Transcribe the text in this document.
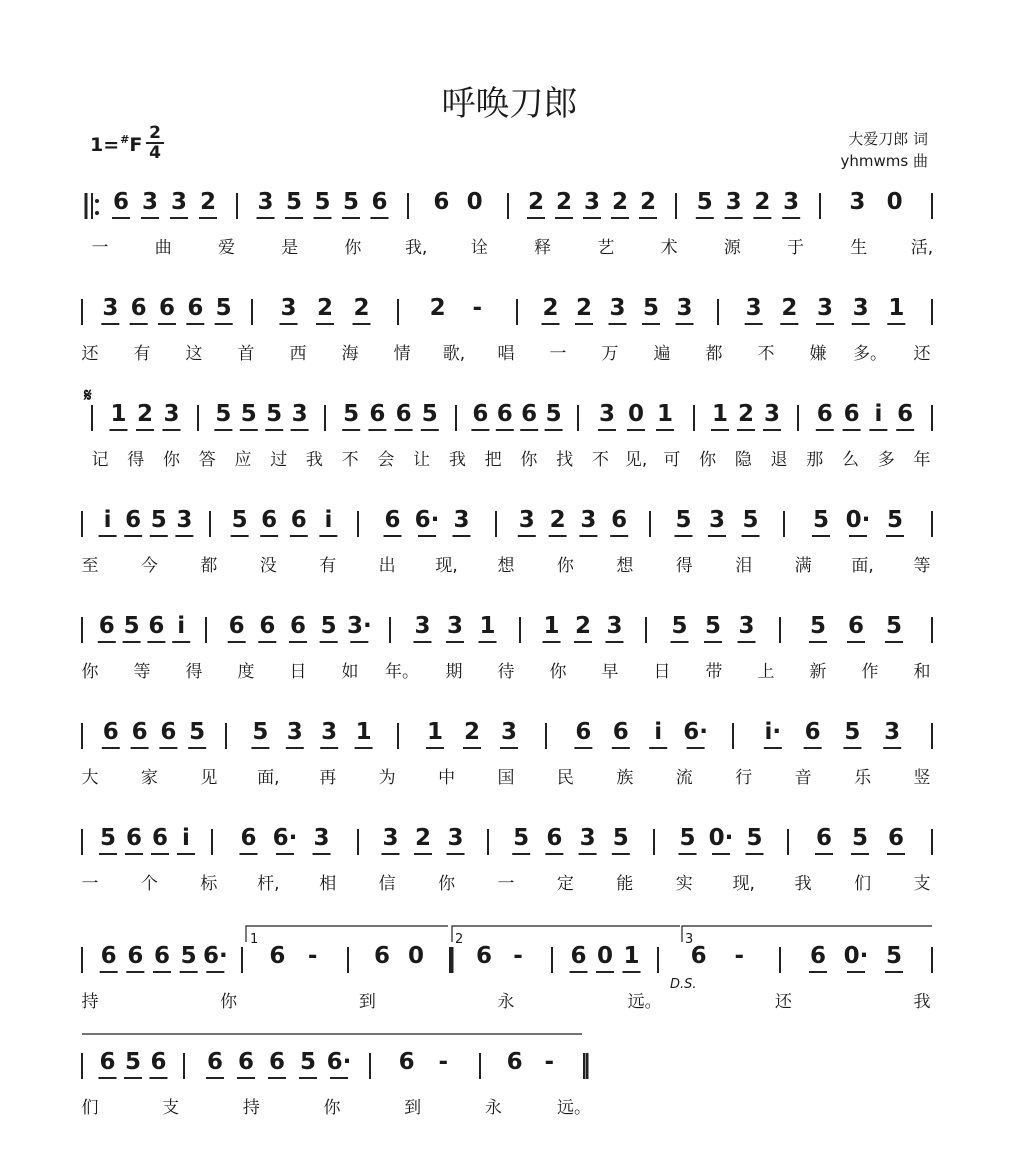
呼唤刀郎
1=#F
2
4
大爱刀郎 词
yhmwms 曲
6 3 3 2 3 5 5 5 6 6 0 2 2 3 2 2 5 3 2 3 3 0
一	曲	爱	是	你	我,	诠	释	艺	术	源	于	生	活,
3 6 6 6 5 3 2 2	2 -	2 2 3 5 3 3 2 3 3 1
还 有 这 首 西 海 情 歌, 唱 一 万 遍 都 不 嫌 多。 还
1 2 3 5 5 5 3 5 6 6 5 6 6 6 5 3 0 1 1 2 3 6 6 i 6
记 得 你 答 应 过 我 不 会 让 我 把 你 找 不 见, 可 你 隐 退 那 么 多 年
i 6 5 3 5 6 6 i 6 6· 3 3 2 3 6 5 3 5 5 0· 5
至 今 都 没 有 出 现, 想 你 想 得 泪 满 面, 等
6 5 6 i 6 6 6 5 3· 3 3 1 1 2 3 5 5 3 5 6 5
你 等 得 度 日 如 年。 期 待 你 早 日 带 上 新 作 和
6 6 6 5 5 3 3 1 1 2 3	6 6 i 6· i· 6 5 3
大 家 见 面, 再 为 中 国 民 族 流 行 音 乐 竖
5 6 6 i 6 6· 3 3 2 3 5 6 3 5 5 0· 5 6 5 6
一 个 标 杆, 相 信 你 一 定 能 实 现, 我 们 支
6 6 6 5 6· 6 - 6 0 6 - 6 0 1 6 -	6 0· 5
持	你	到	永	远。	还	我
6 5 6 6 6 6 5 6· 6 -	6 -
们	支	持	你	到	永	远。
𝄋
D.S.
1	2	3
